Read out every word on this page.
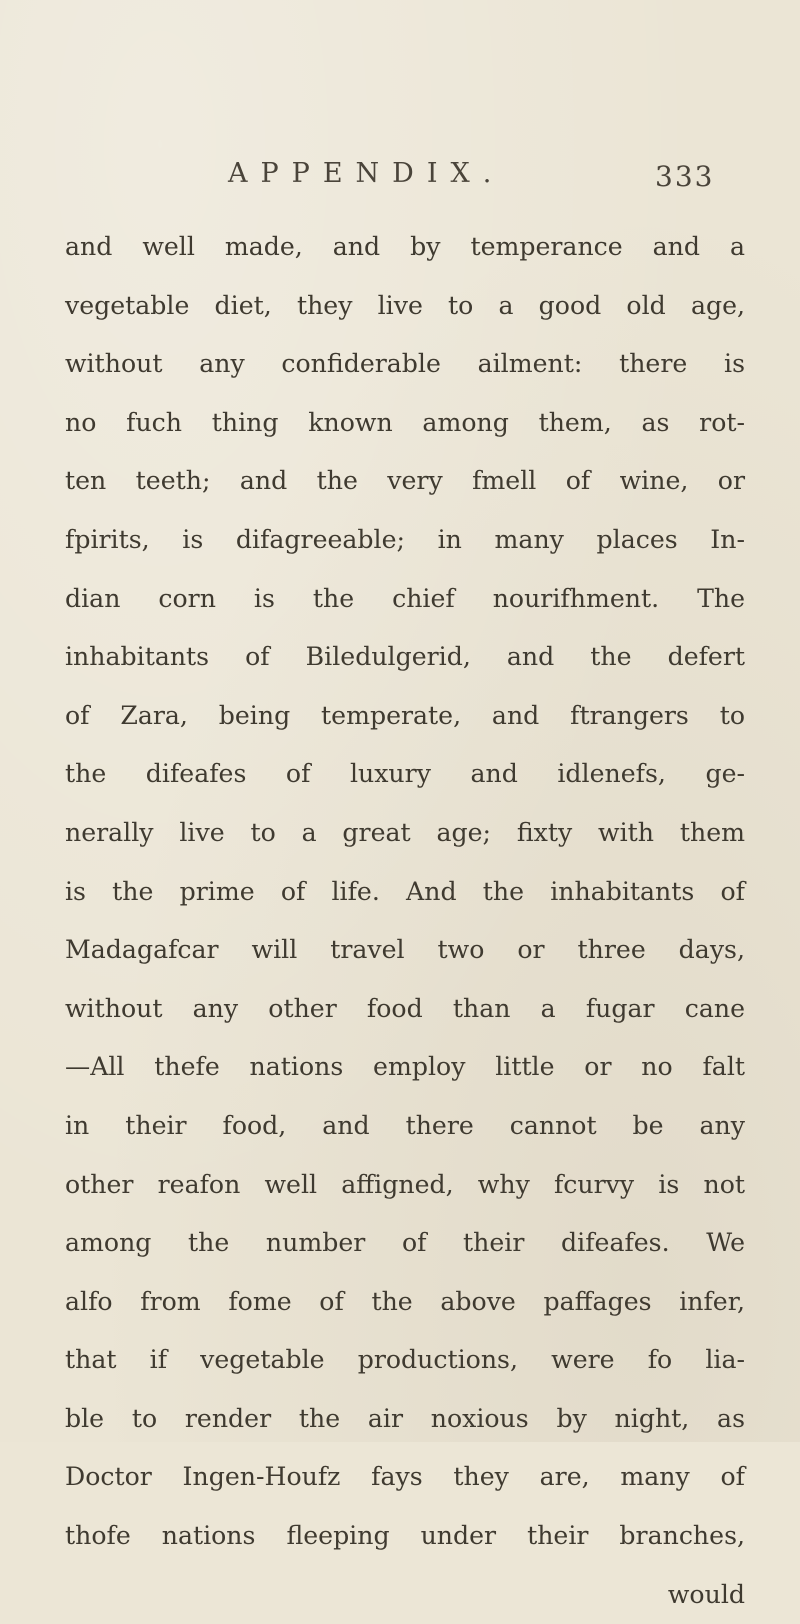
APPENDIX.	333
and well made, and by temperance and a
vegetable diet, they live to a good old age,
without any confiderable ailment: there is
no fuch thing known among them, as rot-
ten teeth; and the very fmell of wine, or
fpirits, is difagreeable; in many places In-
dian corn is the chief nourifhment. The
inhabitants of Biledulgerid, and the defert
of Zara, being temperate, and ftrangers to
the difeafes of luxury and idlenefs, ge-
nerally live to a great age; fixty with them
is the prime of life. And the inhabitants of
Madagafcar will travel two or three days,
without any other food than a fugar cane
—All thefe nations employ little or no falt
in their food, and there cannot be any
other reafon well affigned, why fcurvy is not
among the number of their difeafes. We
alfo from fome of the above paffages infer,
that if vegetable productions, were fo lia-
ble to render the air noxious by night, as
Doctor Ingen-Houfz fays they are, many of
thofe nations fleeping under their branches,
would
